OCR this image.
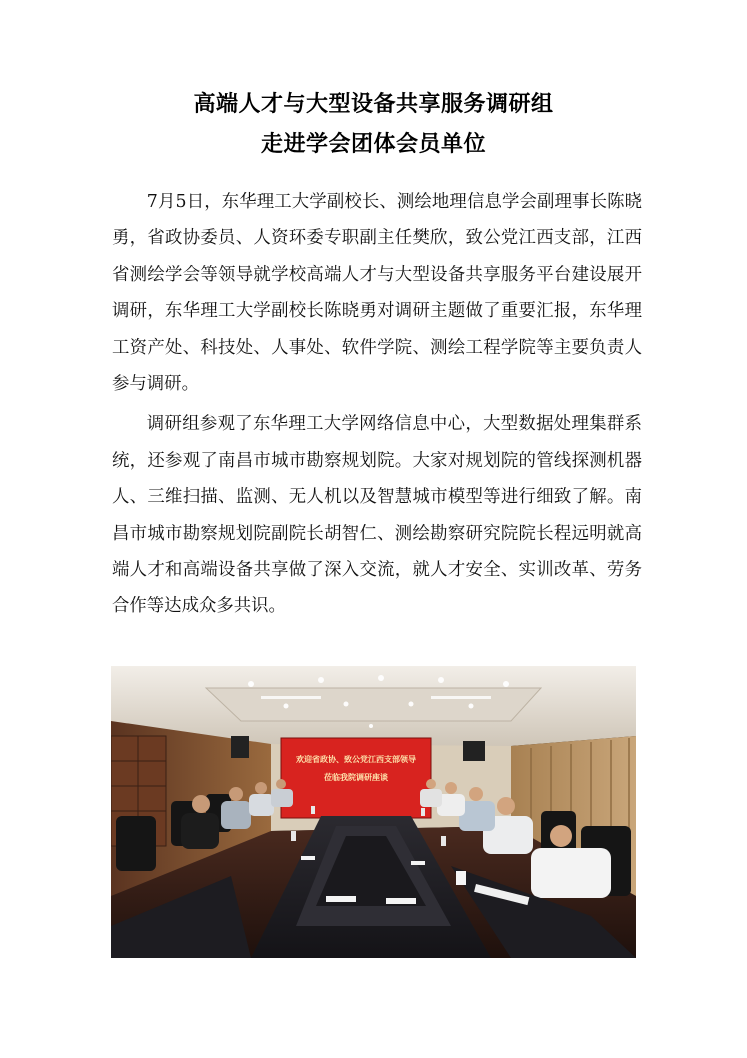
高端人才与大型设备共享服务调研组
走进学会团体会员单位

7月5日，东华理工大学副校长、测绘地理信息学会副理事长陈晓勇，省政协委员、人资环委专职副主任樊欣，致公党江西支部，江西省测绘学会等领导就学校高端人才与大型设备共享服务平台建设展开调研，东华理工大学副校长陈晓勇对调研主题做了重要汇报，东华理工资产处、科技处、人事处、软件学院、测绘工程学院等主要负责人参与调研。

调研组参观了东华理工大学网络信息中心，大型数据处理集群系统，还参观了南昌市城市勘察规划院。大家对规划院的管线探测机器人、三维扫描、监测、无人机以及智慧城市模型等进行细致了解。南昌市城市勘察规划院副院长胡智仁、测绘勘察研究院院长程远明就高端人才和高端设备共享做了深入交流，就人才安全、实训改革、劳务合作等达成众多共识。

欢迎省政协、致公党江西支部领导
莅临我院调研座谈
